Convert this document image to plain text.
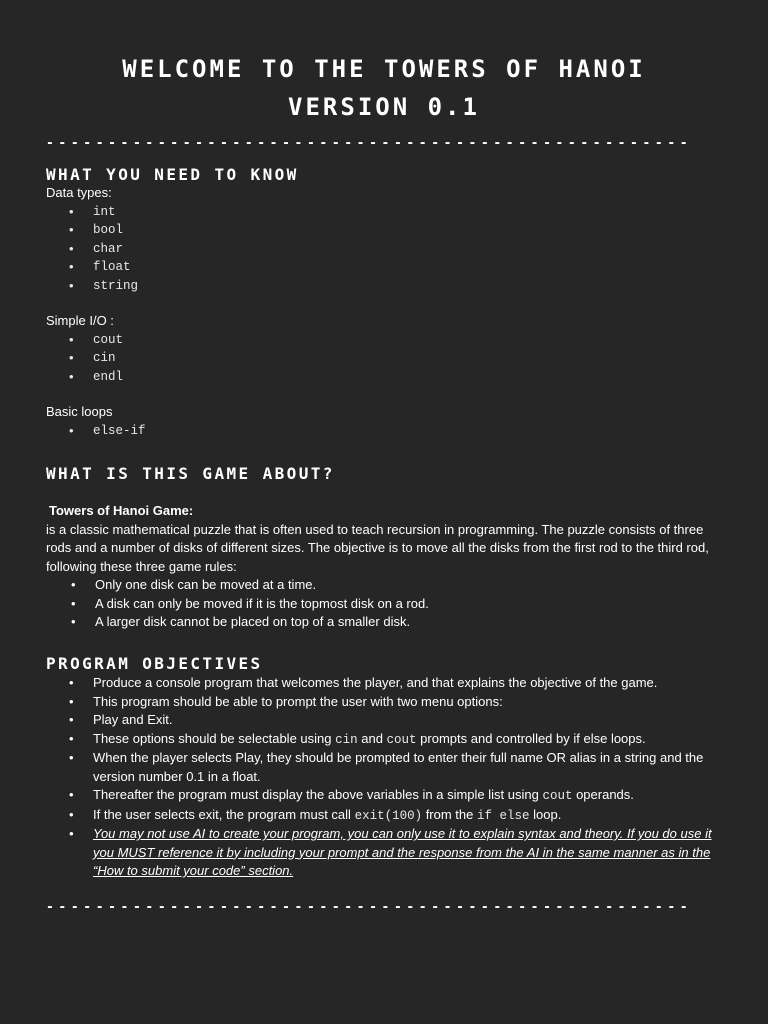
WELCOME TO THE TOWERS OF HANOI
VERSION 0.1
----------------------------------------------------
WHAT YOU NEED TO KNOW

Data types:

• int
• bool
• char
• float
• string

Simple I/O :

• cout
• cin
• endl

Basic loops

• else-if
WHAT IS THIS GAME ABOUT?

Towers of Hanoi Game:

is a classic mathematical puzzle that is often used to teach recursion in programming. The puzzle consists of three rods and a number of disks of different sizes. The objective is to move all the disks from the first rod to the third rod, following these three game rules:

• Only one disk can be moved at a time.
• A disk can only be moved if it is the topmost disk on a rod.
• A larger disk cannot be placed on top of a smaller disk.
PROGRAM OBJECTIVES
• Produce a console program that welcomes the player, and that explains the objective of the game.
• This program should be able to prompt the user with two menu options:
• Play and Exit.
• These options should be selectable using cin and cout prompts and controlled by if else loops.
• When the player selects Play, they should be prompted to enter their full name OR alias in a string and the version number 0.1 in a float.
• Thereafter the program must display the above variables in a simple list using cout operands.
• If the user selects exit, the program must call exit(100) from the if else loop.
• You may not use AI to create your program, you can only use it to explain syntax and theory. If you do use it you MUST reference it by including your prompt and the response from the AI in the same manner as in the “How to submit your code” section.
----------------------------------------------------
